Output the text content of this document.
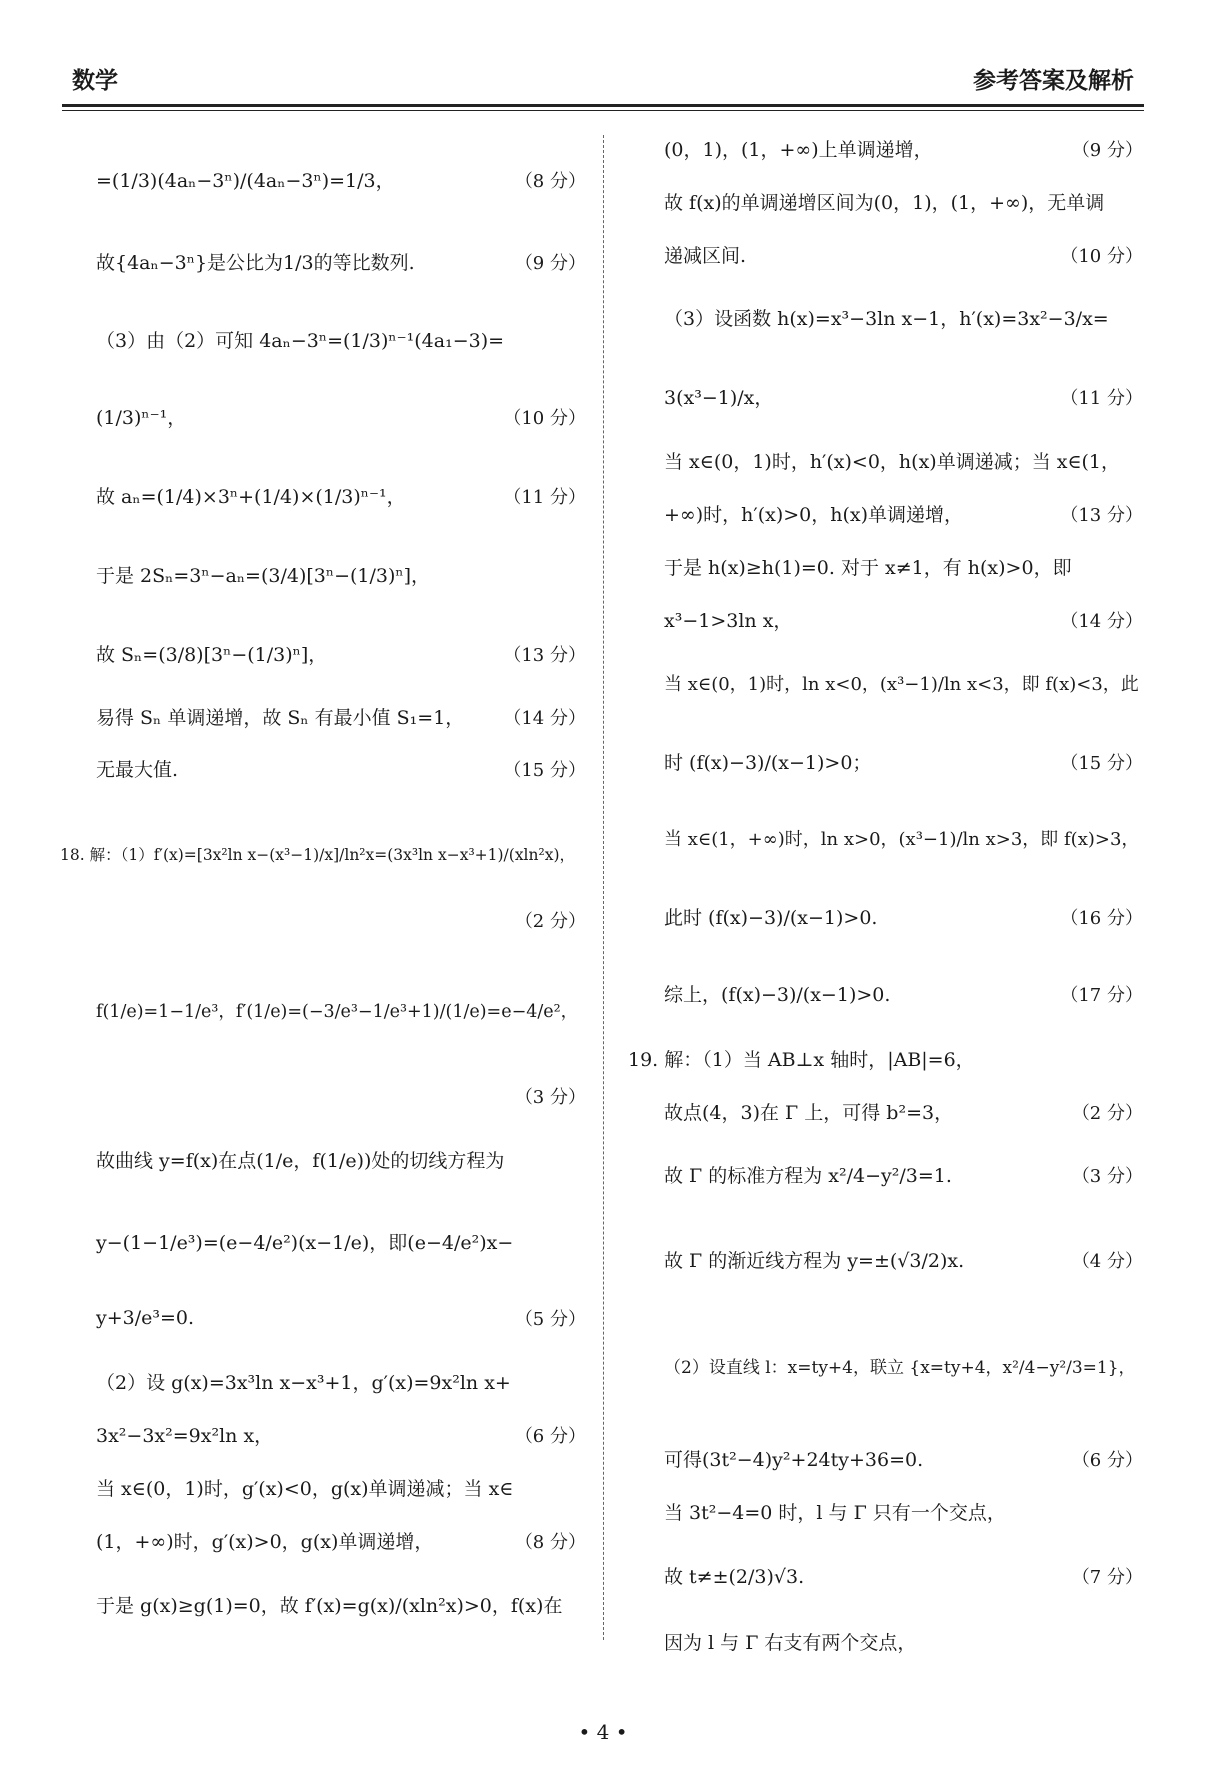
数学	参考答案及解析
=(1/3)(4aₙ−3ⁿ)/(4aₙ−3ⁿ)=1/3，	（8 分）
故{4aₙ−3ⁿ}是公比为1/3的等比数列.	（9 分）
（3）由（2）可知 4aₙ−3ⁿ=(1/3)ⁿ⁻¹(4a₁−3)=
(1/3)ⁿ⁻¹，	（10 分）
故 aₙ=(1/4)×3ⁿ+(1/4)×(1/3)ⁿ⁻¹，	（11 分）
于是 2Sₙ=3ⁿ−aₙ=(3/4)[3ⁿ−(1/3)ⁿ]，
故 Sₙ=(3/8)[3ⁿ−(1/3)ⁿ]，	（13 分）
易得 Sₙ 单调递增，故 Sₙ 有最小值 S₁=1，	（14 分）
无最大值.	（15 分）
18. 解：（1）f′(x)=[3x²ln x−(x³−1)/x]/ln²x=(3x³ln x−x³+1)/(xln²x)，
（2 分）
f(1/e)=1−1/e³，f′(1/e)=(−3/e³−1/e³+1)/(1/e)=e−4/e²，
（3 分）
故曲线 y=f(x)在点(1/e，f(1/e))处的切线方程为
y−(1−1/e³)=(e−4/e²)(x−1/e)，即(e−4/e²)x−
y+3/e³=0.	（5 分）
（2）设 g(x)=3x³ln x−x³+1，g′(x)=9x²ln x+
3x²−3x²=9x²ln x，	（6 分）
当 x∈(0，1)时，g′(x)<0，g(x)单调递减；当 x∈
(1，+∞)时，g′(x)>0，g(x)单调递增，	（8 分）
于是 g(x)≥g(1)=0，故 f′(x)=g(x)/(xln²x)>0，f(x)在
(0，1)，(1，+∞)上单调递增，	（9 分）
故 f(x)的单调递增区间为(0，1)，(1，+∞)，无单调
递减区间.	（10 分）
（3）设函数 h(x)=x³−3ln x−1，h′(x)=3x²−3/x=
3(x³−1)/x，	（11 分）
当 x∈(0，1)时，h′(x)<0，h(x)单调递减；当 x∈(1，
+∞)时，h′(x)>0，h(x)单调递增，	（13 分）
于是 h(x)≥h(1)=0. 对于 x≠1，有 h(x)>0，即
x³−1>3ln x，	（14 分）
当 x∈(0，1)时，ln x<0，(x³−1)/ln x<3，即 f(x)<3，此
时 (f(x)−3)/(x−1)>0；	（15 分）
当 x∈(1，+∞)时，ln x>0，(x³−1)/ln x>3，即 f(x)>3，
此时 (f(x)−3)/(x−1)>0.	（16 分）
综上，(f(x)−3)/(x−1)>0.	（17 分）
19. 解：（1）当 AB⊥x 轴时，|AB|=6，
故点(4，3)在 Γ 上，可得 b²=3，	（2 分）
故 Γ 的标准方程为 x²/4−y²/3=1.	（3 分）
故 Γ 的渐近线方程为 y=±(√3/2)x.	（4 分）
（2）设直线 l：x=ty+4，联立 {x=ty+4，x²/4−y²/3=1}，
可得(3t²−4)y²+24ty+36=0.	（6 分）
当 3t²−4=0 时，l 与 Γ 只有一个交点，
故 t≠±(2/3)√3.	（7 分）
因为 l 与 Γ 右支有两个交点，
• 4 •
